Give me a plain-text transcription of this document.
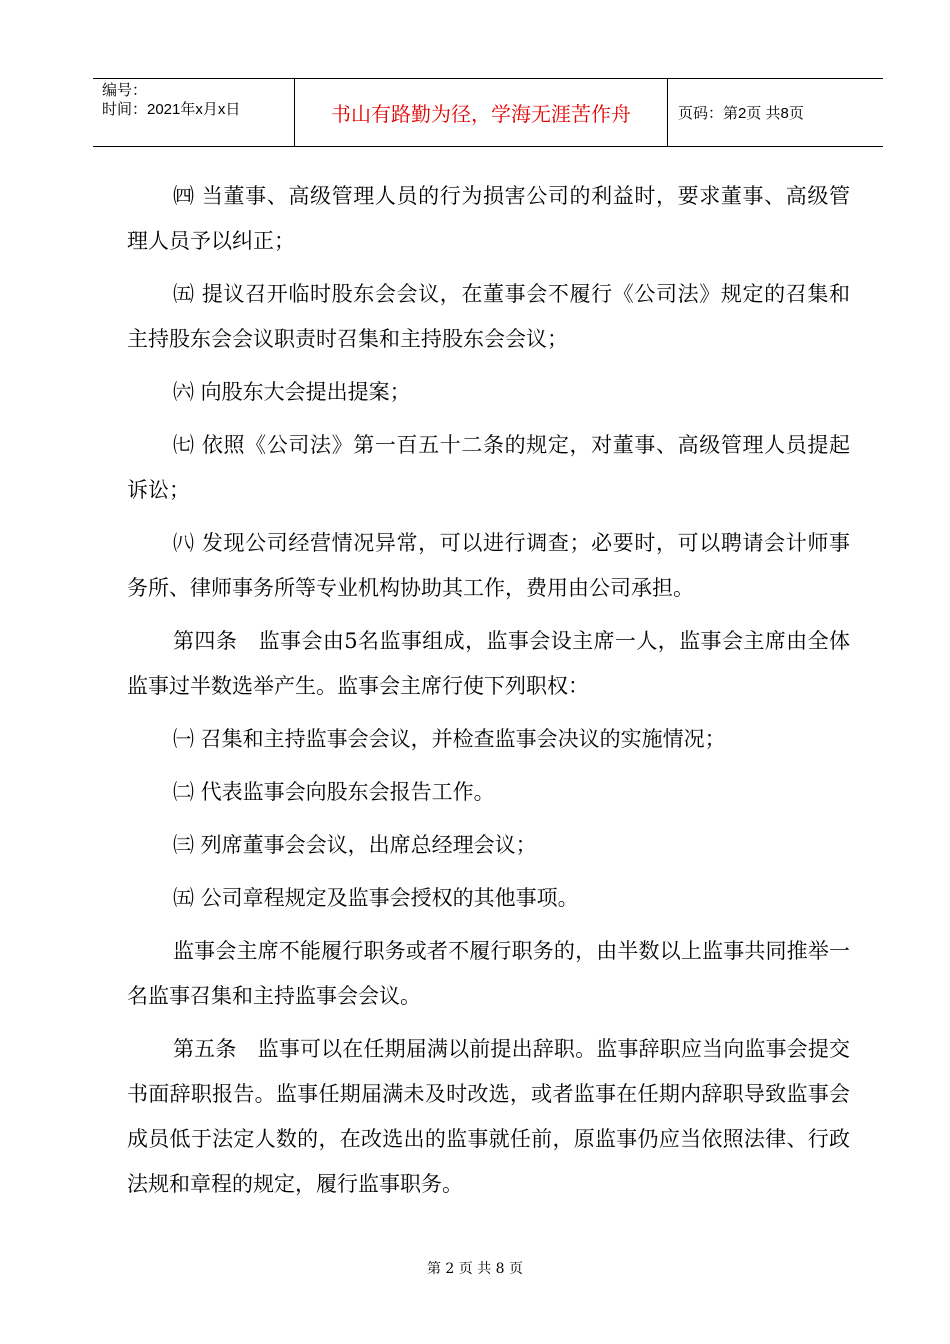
编号：
时间：2021年x月x日	书山有路勤为径，学海无涯苦作舟	页码：第2页 共8页

㈣ 当董事、高级管理人员的行为损害公司的利益时，要求董事、高级管理人员予以纠正；

㈤ 提议召开临时股东会会议，在董事会不履行《公司法》规定的召集和主持股东会会议职责时召集和主持股东会会议；

㈥ 向股东大会提出提案；

㈦ 依照《公司法》第一百五十二条的规定，对董事、高级管理人员提起诉讼；

㈧ 发现公司经营情况异常，可以进行调查；必要时，可以聘请会计师事务所、律师事务所等专业机构协助其工作，费用由公司承担。

第四条　监事会由5名监事组成，监事会设主席一人，监事会主席由全体监事过半数选举产生。监事会主席行使下列职权：

㈠ 召集和主持监事会会议，并检查监事会决议的实施情况；

㈡ 代表监事会向股东会报告工作。

㈢ 列席董事会会议，出席总经理会议；

㈤ 公司章程规定及监事会授权的其他事项。

监事会主席不能履行职务或者不履行职务的，由半数以上监事共同推举一名监事召集和主持监事会会议。

第五条　监事可以在任期届满以前提出辞职。监事辞职应当向监事会提交书面辞职报告。监事任期届满未及时改选，或者监事在任期内辞职导致监事会成员低于法定人数的，在改选出的监事就任前，原监事仍应当依照法律、行政法规和章程的规定，履行监事职务。

第 2 页 共 8 页
